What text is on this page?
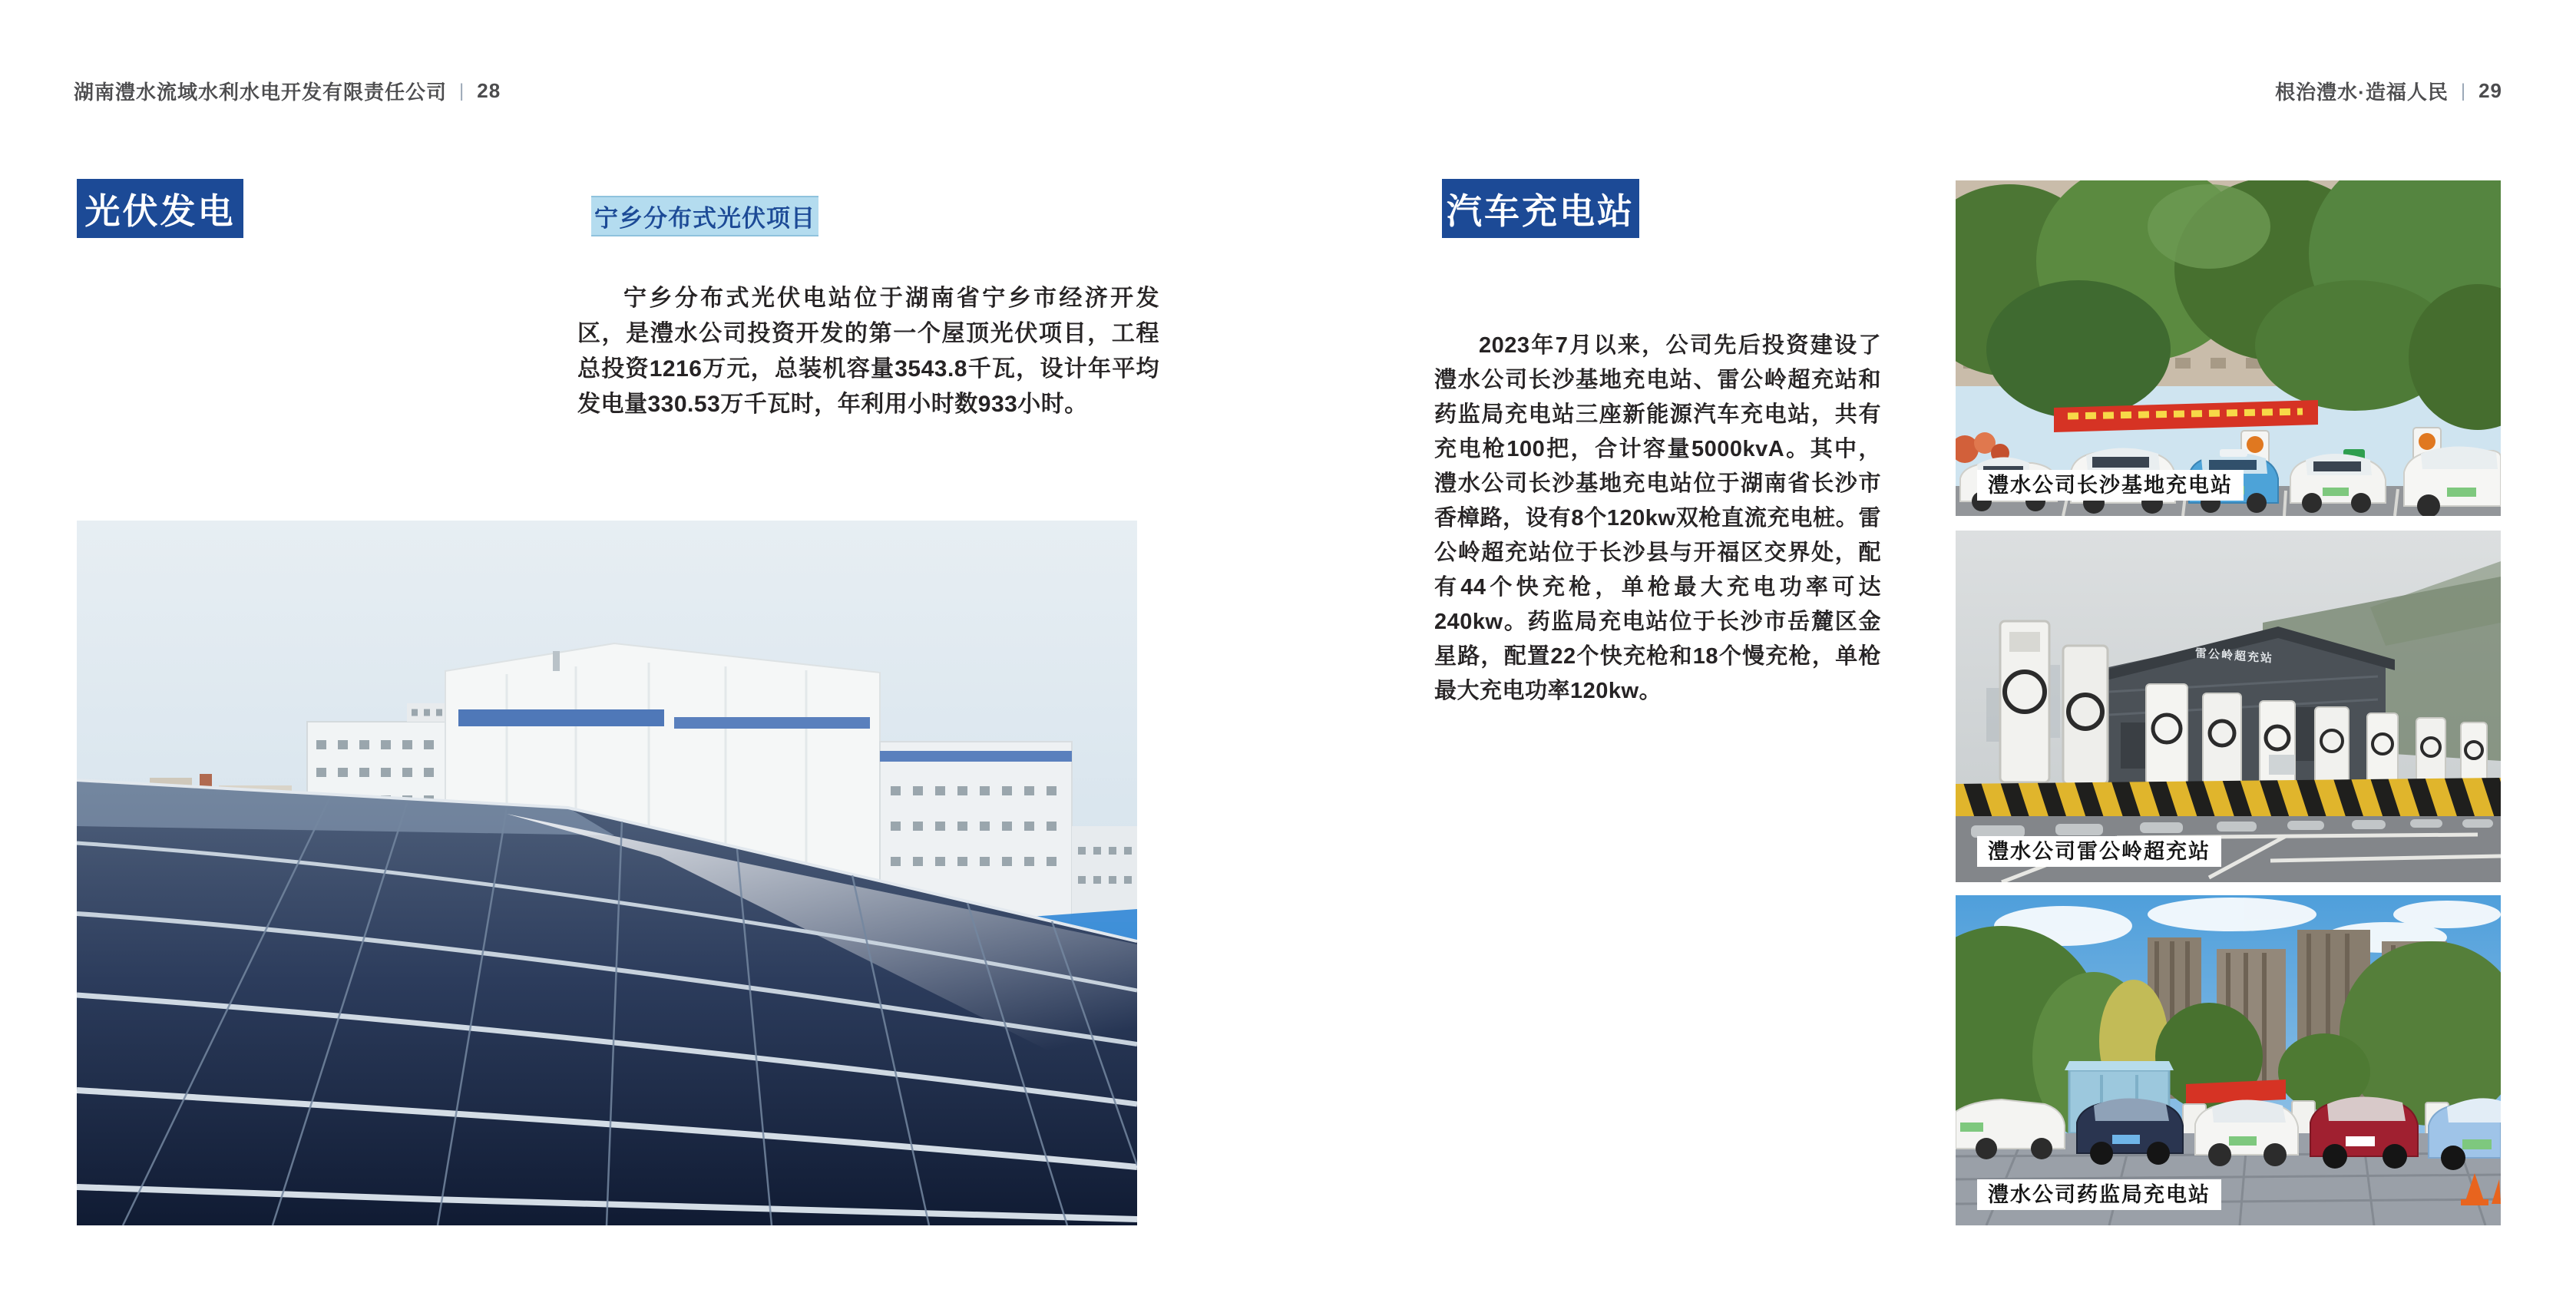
湖南澧水流域水利水电开发有限责任公司 | 28	根治澧水·造福人民 | 29
光伏发电	宁乡分布式光伏项目
宁乡分布式光伏电站位于湖南省宁乡市经济开发区，是澧水公司投资开发的第一个屋顶光伏项目，工程总投资1216万元，总装机容量3543.8千瓦，设计年平均发电量330.53万千瓦时，年利用小时数933小时。
汽车充电站
2023年7月以来，公司先后投资建设了澧水公司长沙基地充电站、雷公岭超充站和药监局充电站三座新能源汽车充电站，共有充电枪100把，合计容量5000kvA。其中，澧水公司长沙基地充电站位于湖南省长沙市香樟路，设有8个120kw双枪直流充电桩。雷公岭超充站位于长沙县与开福区交界处，配有44个快充枪，单枪最大充电功率可达240kw。药监局充电站位于长沙市岳麓区金星路，配置22个快充枪和18个慢充枪，单枪最大充电功率120kw。
澧水公司长沙基地充电站
雷公岭超充站
澧水公司雷公岭超充站
澧水公司药监局充电站
